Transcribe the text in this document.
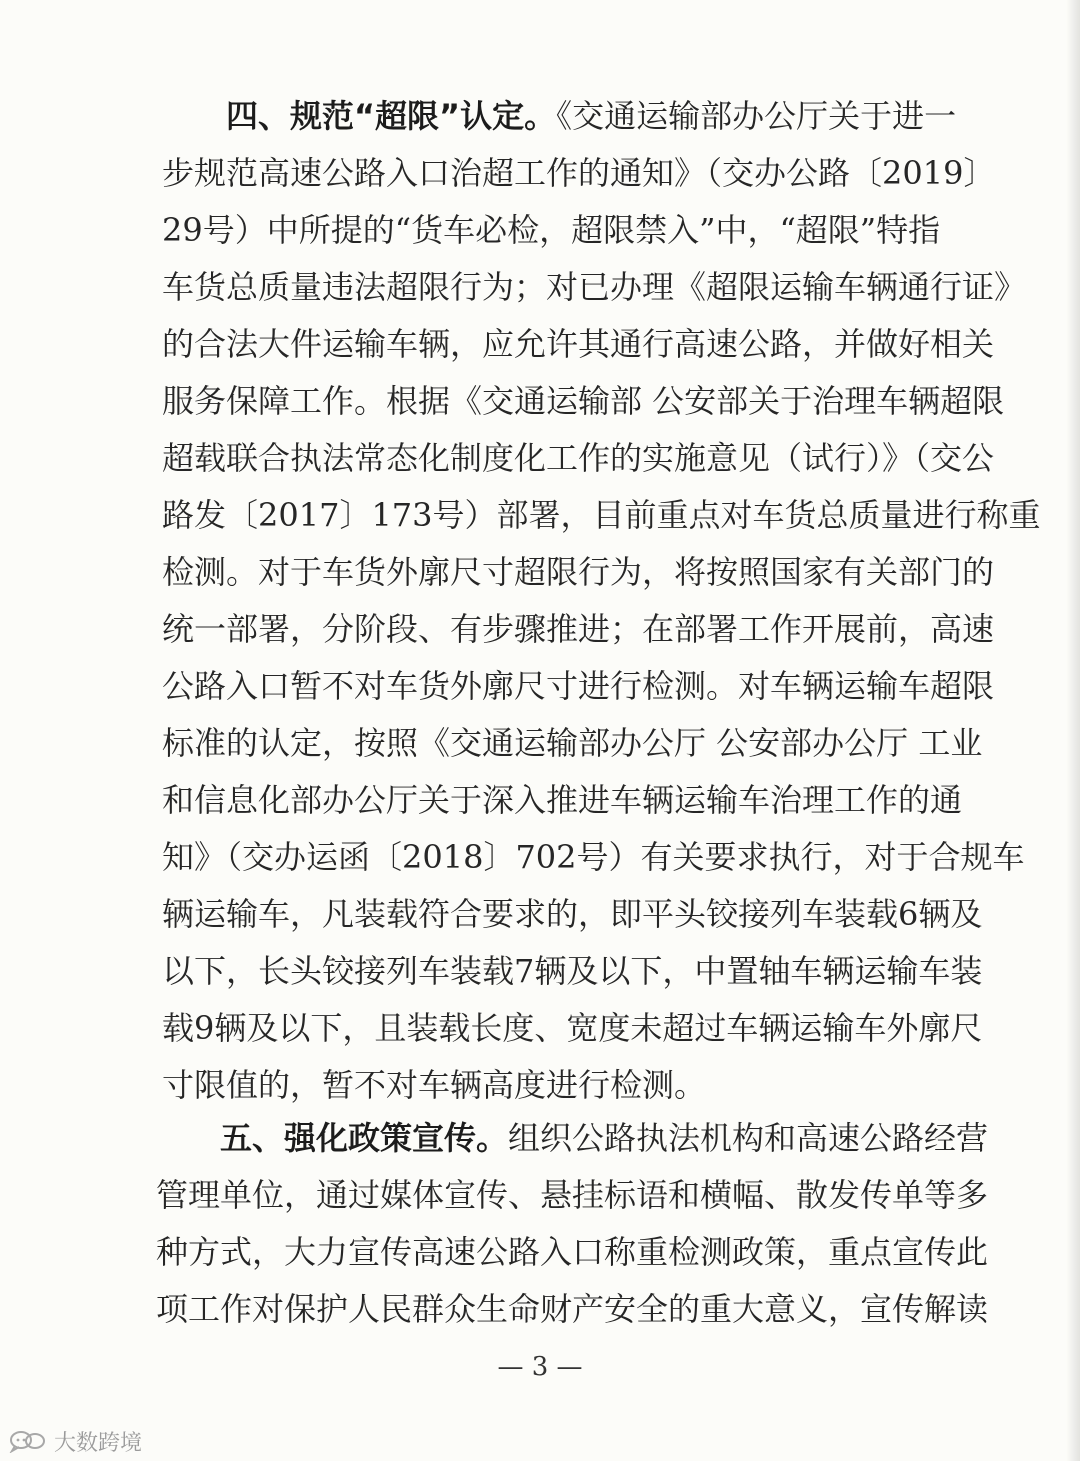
四、规范“超限”认定。《交通运输部办公厅关于进一
步规范高速公路入口治超工作的通知》（交办公路〔2019〕
29号）中所提的“货车必检，超限禁入”中，“超限”特指
车货总质量违法超限行为；对已办理《超限运输车辆通行证》
的合法大件运输车辆，应允许其通行高速公路，并做好相关
服务保障工作。根据《交通运输部 公安部关于治理车辆超限
超载联合执法常态化制度化工作的实施意见（试行）》（交公
路发〔2017〕173号）部署，目前重点对车货总质量进行称重
检测。对于车货外廓尺寸超限行为，将按照国家有关部门的
统一部署，分阶段、有步骤推进；在部署工作开展前，高速
公路入口暂不对车货外廓尺寸进行检测。对车辆运输车超限
标准的认定，按照《交通运输部办公厅 公安部办公厅 工业
和信息化部办公厅关于深入推进车辆运输车治理工作的通
知》（交办运函〔2018〕702号）有关要求执行，对于合规车
辆运输车，凡装载符合要求的，即平头铰接列车装载6辆及
以下，长头铰接列车装载7辆及以下，中置轴车辆运输车装
载9辆及以下，且装载长度、宽度未超过车辆运输车外廓尺
寸限值的，暂不对车辆高度进行检测。
五、强化政策宣传。组织公路执法机构和高速公路经营
管理单位，通过媒体宣传、悬挂标语和横幅、散发传单等多
种方式，大力宣传高速公路入口称重检测政策，重点宣传此
项工作对保护人民群众生命财产安全的重大意义，宣传解读
— 3 —
大数跨境
